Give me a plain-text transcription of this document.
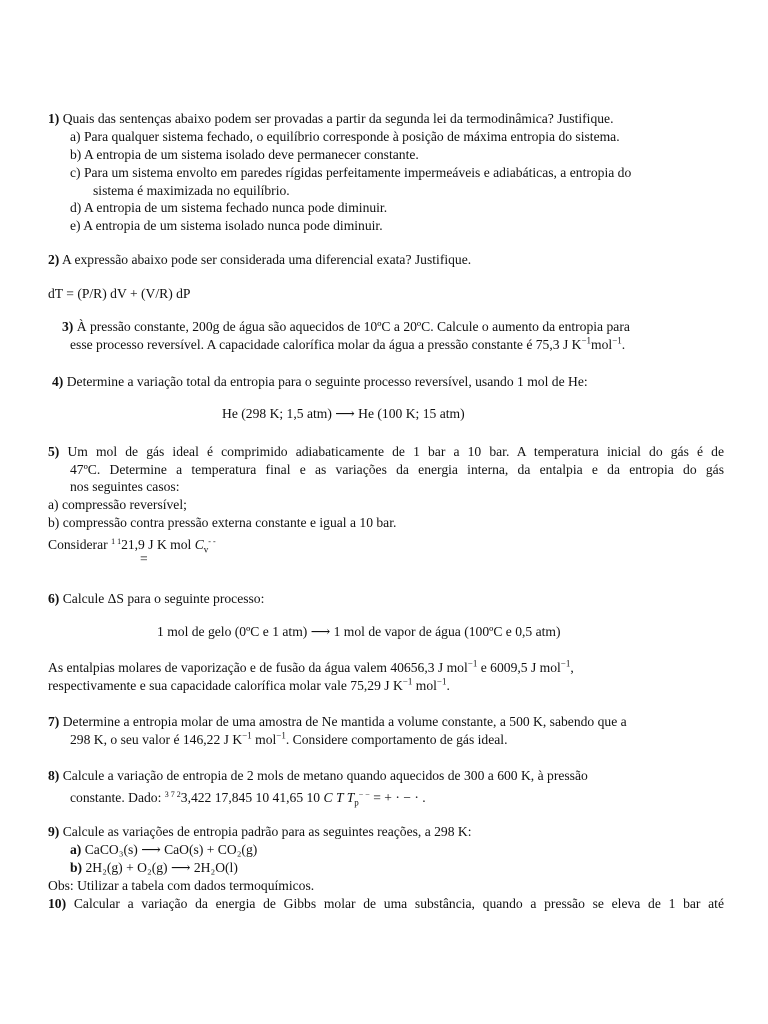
1) Quais das sentenças abaixo podem ser provadas a partir da segunda lei da termodinâmica? Justifique.
a) Para qualquer sistema fechado, o equilíbrio corresponde à posição de máxima entropia do sistema.
b) A entropia de um sistema isolado deve permanecer constante.
c) Para um sistema envolto em paredes rígidas perfeitamente impermeáveis e adiabáticas, a entropia do
sistema é maximizada no equilíbrio.
d) A entropia de um sistema fechado nunca pode diminuir.
e) A entropia de um sistema isolado nunca pode diminuir.
2) A expressão abaixo pode ser considerada uma diferencial exata? Justifique.
dT = (P/R) dV + (V/R) dP
3) À pressão constante, 200g de água são aquecidos de 10ºC a 20ºC. Calcule o aumento da entropia para
esse processo reversível. A capacidade calorífica molar da água a pressão constante é 75,3 J $K^{-1}mol^{-1}$.
4) Determine a variação total da entropia para o seguinte processo reversível, usando 1 mol de He:
He (298 K; 1,5 atm) ⟶ He (100 K; 15 atm)
5) Um mol de gás ideal é comprimido adiabaticamente de 1 bar a 10 bar. A temperatura inicial do gás é de
47ºC. Determine a temperatura final e as variações da energia interna, da entalpia e da entropia do gás
nos seguintes casos:
a) compressão reversível;
b) compressão contra pressão externa constante e igual a 10 bar.
Considerar $^{1 1}$21,9 J K mol $C_v^{- -}$
=
6) Calcule ΔS para o seguinte processo:
1 mol de gelo (0ºC e 1 atm) ⟶ 1 mol de vapor de água (100ºC e 0,5 atm)
As entalpias molares de vaporização e de fusão da água valem 40656,3 J mol$^{-1}$ e 6009,5 J mol$^{-1}$,
respectivamente e sua capacidade calorífica molar vale 75,29 J $K^{-1}$ mol$^{-1}$.
7) Determine a entropia molar de uma amostra de Ne mantida a volume constante, a 500 K, sabendo que a
298 K, o seu valor é 146,22 J $K^{-1}$ mol$^{-1}$. Considere comportamento de gás ideal.
8) Calcule a variação de entropia de 2 mols de metano quando aquecidos de 300 a 600 K, à pressão
constante. Dado: $^{3 7 2}$3,422 17,845 10 41,65 10 C T $T_p^{- -}$ = + · − · .
9) Calcule as variações de entropia padrão para as seguintes reações, a 298 K:
a) CaCO₃(s) ⟶ CaO(s) + CO₂(g)
b) 2H₂(g) + O₂(g) ⟶ 2H₂O(l)
Obs: Utilizar a tabela com dados termoquímicos.
10) Calcular a variação da energia de Gibbs molar de uma substância, quando a pressão se eleva de 1 bar até
